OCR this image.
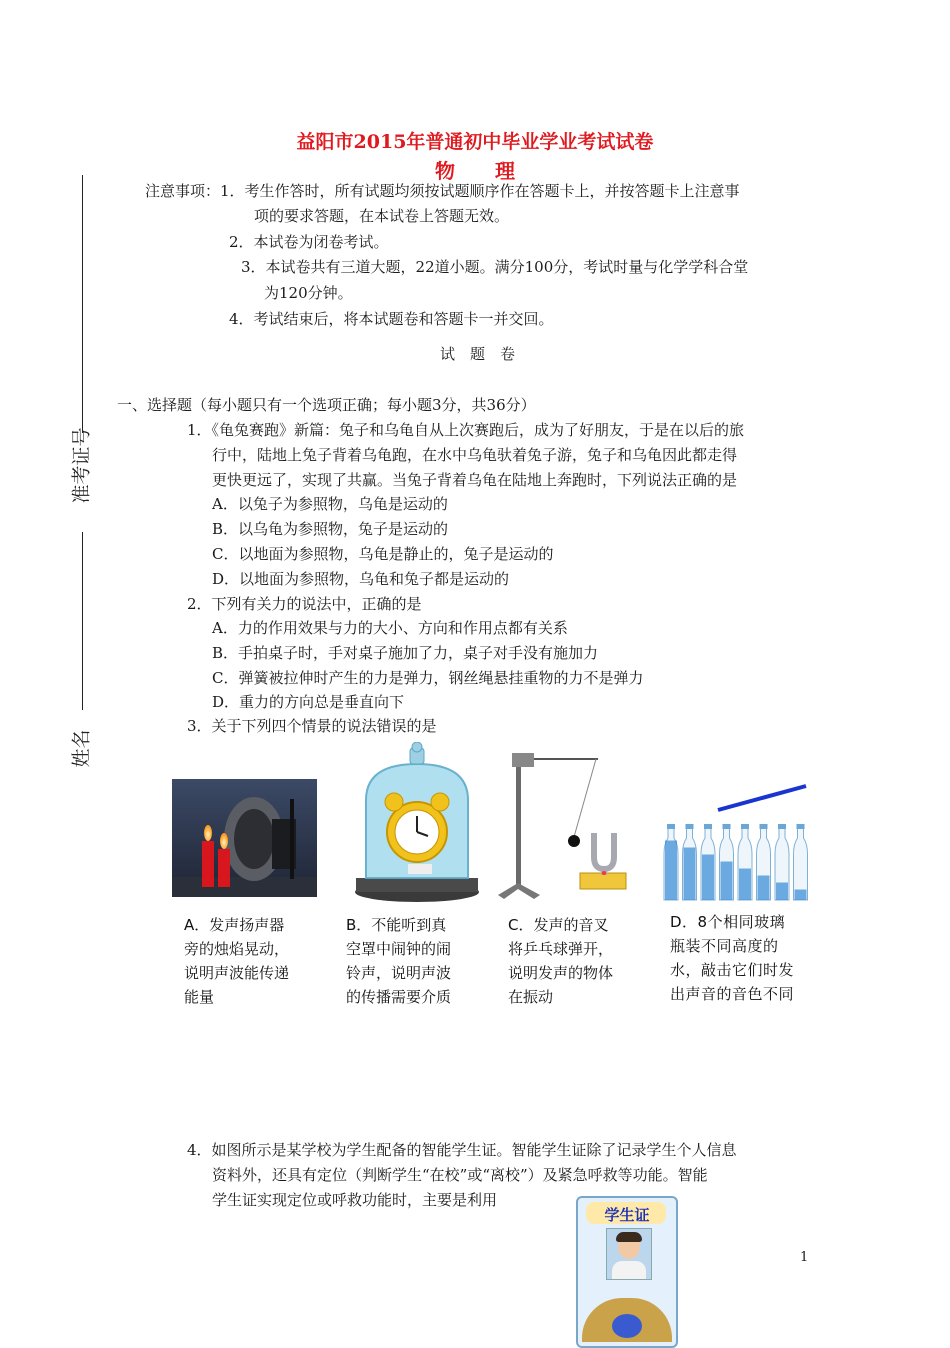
益阳市2015年普通初中毕业学业考试试卷
物　　理
准考证号
姓名
注意事项：1．考生作答时，所有试题均须按试题顺序作在答题卡上，并按答题卡上注意事
项的要求答题，在本试卷上答题无效。
2．本试卷为闭卷考试。
3．本试卷共有三道大题，22道小题。满分100分，考试时量与化学学科合堂
为120分钟。
4．考试结束后，将本试题卷和答题卡一并交回。
试　题　卷
一、选择题（每小题只有一个选项正确；每小题3分，共36分）
1．《龟兔赛跑》新篇：兔子和乌龟自从上次赛跑后，成为了好朋友，于是在以后的旅
行中，陆地上兔子背着乌龟跑，在水中乌龟驮着兔子游，兔子和乌龟因此都走得
更快更远了，实现了共赢。当兔子背着乌龟在陆地上奔跑时，下列说法正确的是
A．以兔子为参照物，乌龟是运动的
B．以乌龟为参照物，兔子是运动的
C．以地面为参照物，乌龟是静止的，兔子是运动的
D．以地面为参照物，乌龟和兔子都是运动的
2．下列有关力的说法中，正确的是
A．力的作用效果与力的大小、方向和作用点都有关系
B．手拍桌子时，手对桌子施加了力，桌子对手没有施加力
C．弹簧被拉伸时产生的力是弹力，钢丝绳悬挂重物的力不是弹力
D．重力的方向总是垂直向下
3．关于下列四个情景的说法错误的是
A．发声扬声器
旁的烛焰晃动，
说明声波能传递
能量
B．不能听到真
空罩中闹钟的闹
铃声，说明声波
的传播需要介质
C．发声的音叉
将乒乓球弹开，
说明发声的物体
在振动
D．8个相同玻璃
瓶装不同高度的
水，敲击它们时发
出声音的音色不同
4．如图所示是某学校为学生配备的智能学生证。智能学生证除了记录学生个人信息
资料外，还具有定位（判断学生“在校”或“离校”）及紧急呼救等功能。智能
学生证实现定位或呼救功能时，主要是利用
学生证
1
